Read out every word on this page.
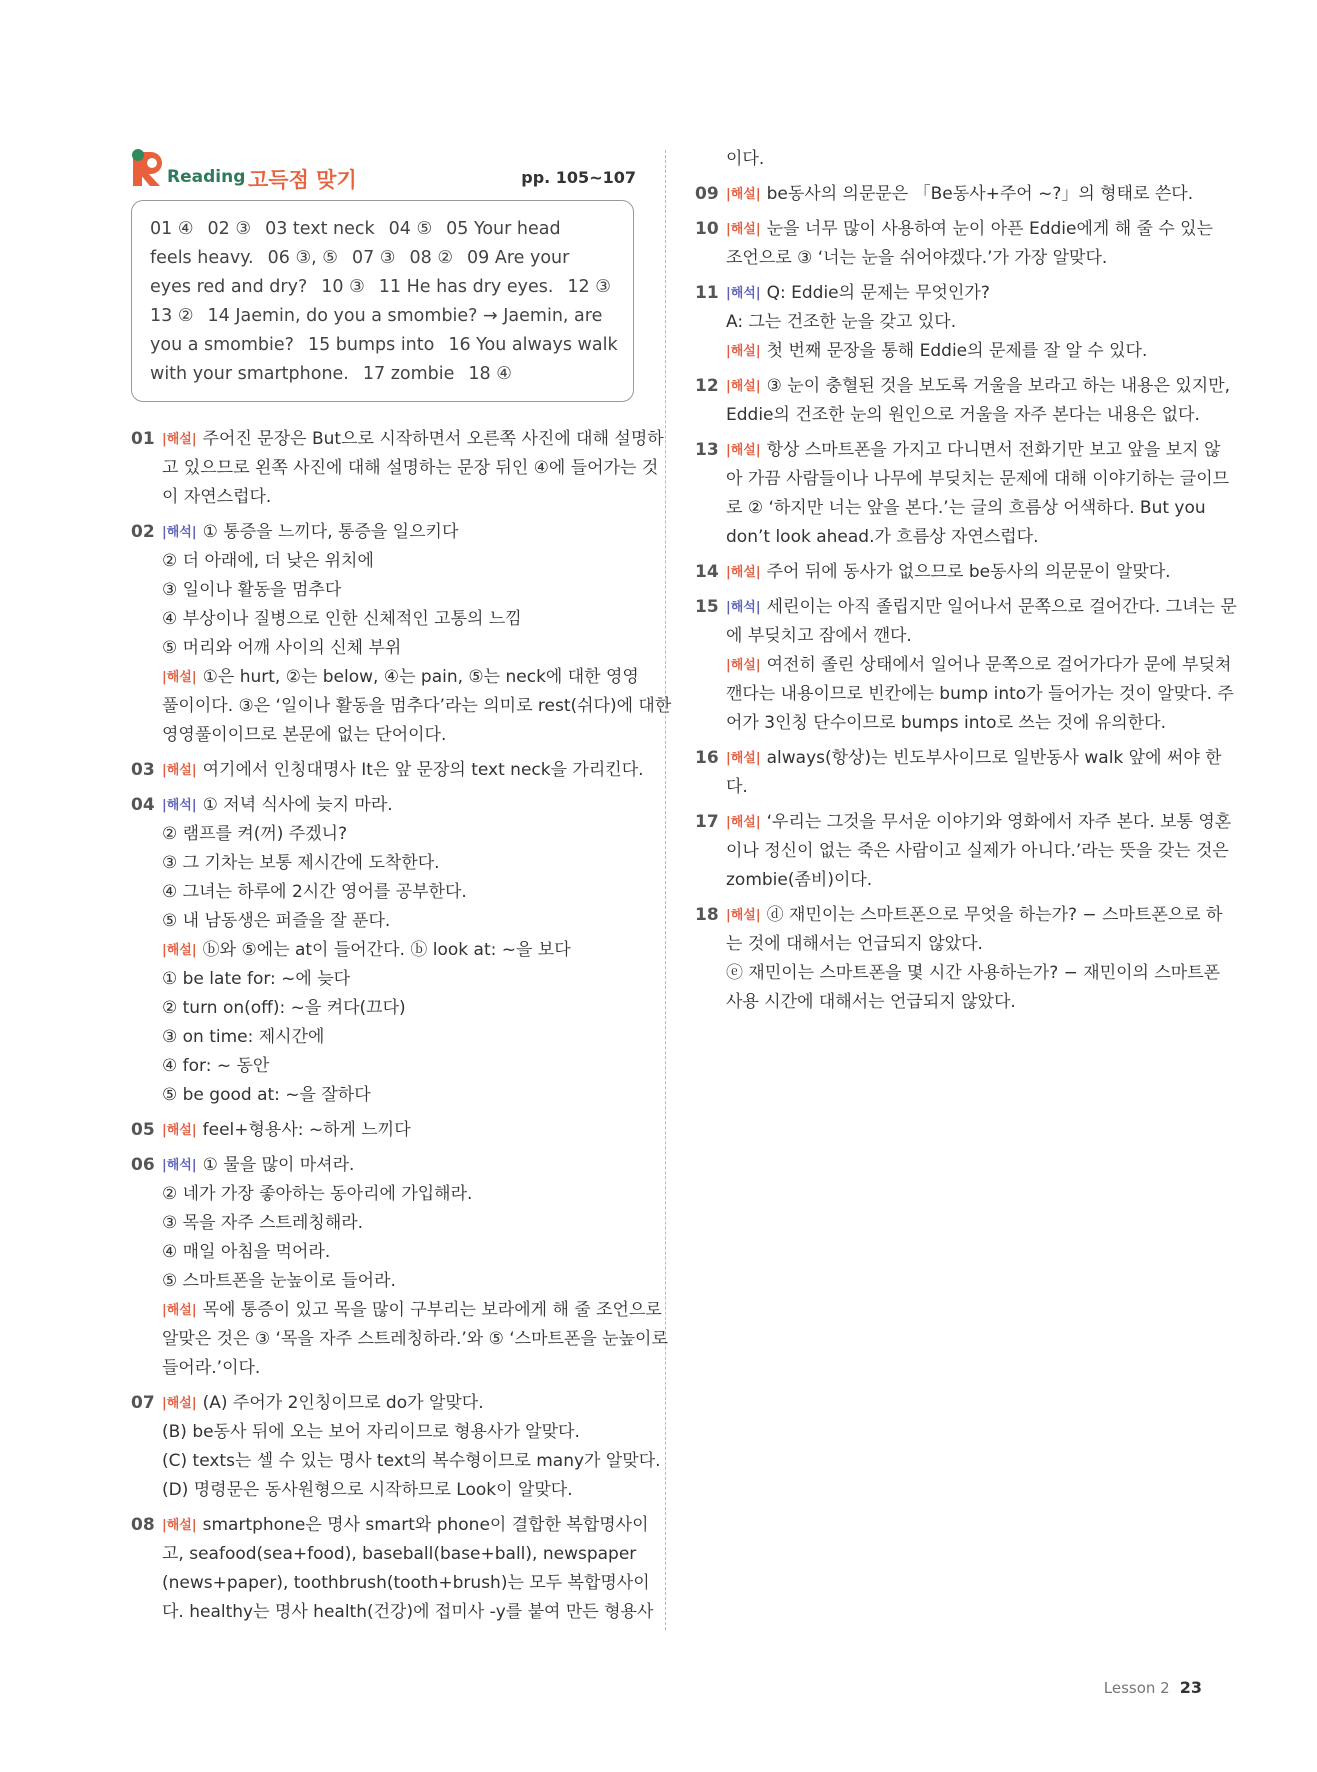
Reading 고득점 맞기	pp. 105~107
01 ④ 02 ③ 03 text neck 04 ⑤ 05 Your head
feels heavy. 06 ③, ⑤ 07 ③ 08 ② 09 Are your
eyes red and dry? 10 ③ 11 He has dry eyes. 12 ③
13 ② 14 Jaemin, do you a smombie? → Jaemin, are
you a smombie? 15 bumps into 16 You always walk
with your smartphone. 17 zombie 18 ④
01 |해설| 주어진 문장은 But으로 시작하면서 오른쪽 사진에 대해 설명하
고 있으므로 왼쪽 사진에 대해 설명하는 문장 뒤인 ④에 들어가는 것
이 자연스럽다.
02 |해석| ① 통증을 느끼다, 통증을 일으키다
② 더 아래에, 더 낮은 위치에
③ 일이나 활동을 멈추다
④ 부상이나 질병으로 인한 신체적인 고통의 느낌
⑤ 머리와 어깨 사이의 신체 부위
|해설| ①은 hurt, ②는 below, ④는 pain, ⑤는 neck에 대한 영영
풀이이다. ③은 ‘일이나 활동을 멈추다’라는 의미로 rest(쉬다)에 대한
영영풀이이므로 본문에 없는 단어이다.
03 |해설| 여기에서 인칭대명사 It은 앞 문장의 text neck을 가리킨다.
04 |해석| ① 저녁 식사에 늦지 마라.
② 램프를 켜(꺼) 주겠니?
③ 그 기차는 보통 제시간에 도착한다.
④ 그녀는 하루에 2시간 영어를 공부한다.
⑤ 내 남동생은 퍼즐을 잘 푼다.
|해설| ⓑ와 ⑤에는 at이 들어간다. ⓑ look at: ~을 보다
① be late for: ~에 늦다
② turn on(off): ~을 켜다(끄다)
③ on time: 제시간에
④ for: ~ 동안
⑤ be good at: ~을 잘하다
05 |해설| feel+형용사: ~하게 느끼다
06 |해석| ① 물을 많이 마셔라.
② 네가 가장 좋아하는 동아리에 가입해라.
③ 목을 자주 스트레칭해라.
④ 매일 아침을 먹어라.
⑤ 스마트폰을 눈높이로 들어라.
|해설| 목에 통증이 있고 목을 많이 구부리는 보라에게 해 줄 조언으로
알맞은 것은 ③ ‘목을 자주 스트레칭하라.’와 ⑤ ‘스마트폰을 눈높이로
들어라.’이다.
07 |해설| (A) 주어가 2인칭이므로 do가 알맞다.
(B) be동사 뒤에 오는 보어 자리이므로 형용사가 알맞다.
(C) texts는 셀 수 있는 명사 text의 복수형이므로 many가 알맞다.
(D) 명령문은 동사원형으로 시작하므로 Look이 알맞다.
08 |해설| smartphone은 명사 smart와 phone이 결합한 복합명사이
고, seafood(sea+food), baseball(base+ball), newspaper
(news+paper), toothbrush(tooth+brush)는 모두 복합명사이
다. healthy는 명사 health(건강)에 접미사 -y를 붙여 만든 형용사
이다.
09 |해설| be동사의 의문문은 「Be동사+주어 ~?」의 형태로 쓴다.
10 |해설| 눈을 너무 많이 사용하여 눈이 아픈 Eddie에게 해 줄 수 있는
조언으로 ③ ‘너는 눈을 쉬어야겠다.’가 가장 알맞다.
11 |해석| Q: Eddie의 문제는 무엇인가?
A: 그는 건조한 눈을 갖고 있다.
|해설| 첫 번째 문장을 통해 Eddie의 문제를 잘 알 수 있다.
12 |해설| ③ 눈이 충혈된 것을 보도록 거울을 보라고 하는 내용은 있지만,
Eddie의 건조한 눈의 원인으로 거울을 자주 본다는 내용은 없다.
13 |해설| 항상 스마트폰을 가지고 다니면서 전화기만 보고 앞을 보지 않
아 가끔 사람들이나 나무에 부딪치는 문제에 대해 이야기하는 글이므
로 ② ‘하지만 너는 앞을 본다.’는 글의 흐름상 어색하다. But you
don’t look ahead.가 흐름상 자연스럽다.
14 |해설| 주어 뒤에 동사가 없으므로 be동사의 의문문이 알맞다.
15 |해석| 세린이는 아직 졸립지만 일어나서 문쪽으로 걸어간다. 그녀는 문
에 부딪치고 잠에서 깬다.
|해설| 여전히 졸린 상태에서 일어나 문쪽으로 걸어가다가 문에 부딪쳐
깬다는 내용이므로 빈칸에는 bump into가 들어가는 것이 알맞다. 주
어가 3인칭 단수이므로 bumps into로 쓰는 것에 유의한다.
16 |해설| always(항상)는 빈도부사이므로 일반동사 walk 앞에 써야 한
다.
17 |해설| ‘우리는 그것을 무서운 이야기와 영화에서 자주 본다. 보통 영혼
이나 정신이 없는 죽은 사람이고 실제가 아니다.’라는 뜻을 갖는 것은
zombie(좀비)이다.
18 |해설| ⓓ 재민이는 스마트폰으로 무엇을 하는가? − 스마트폰으로 하
는 것에 대해서는 언급되지 않았다.
ⓔ 재민이는 스마트폰을 몇 시간 사용하는가? − 재민이의 스마트폰
사용 시간에 대해서는 언급되지 않았다.
Lesson 2 23
